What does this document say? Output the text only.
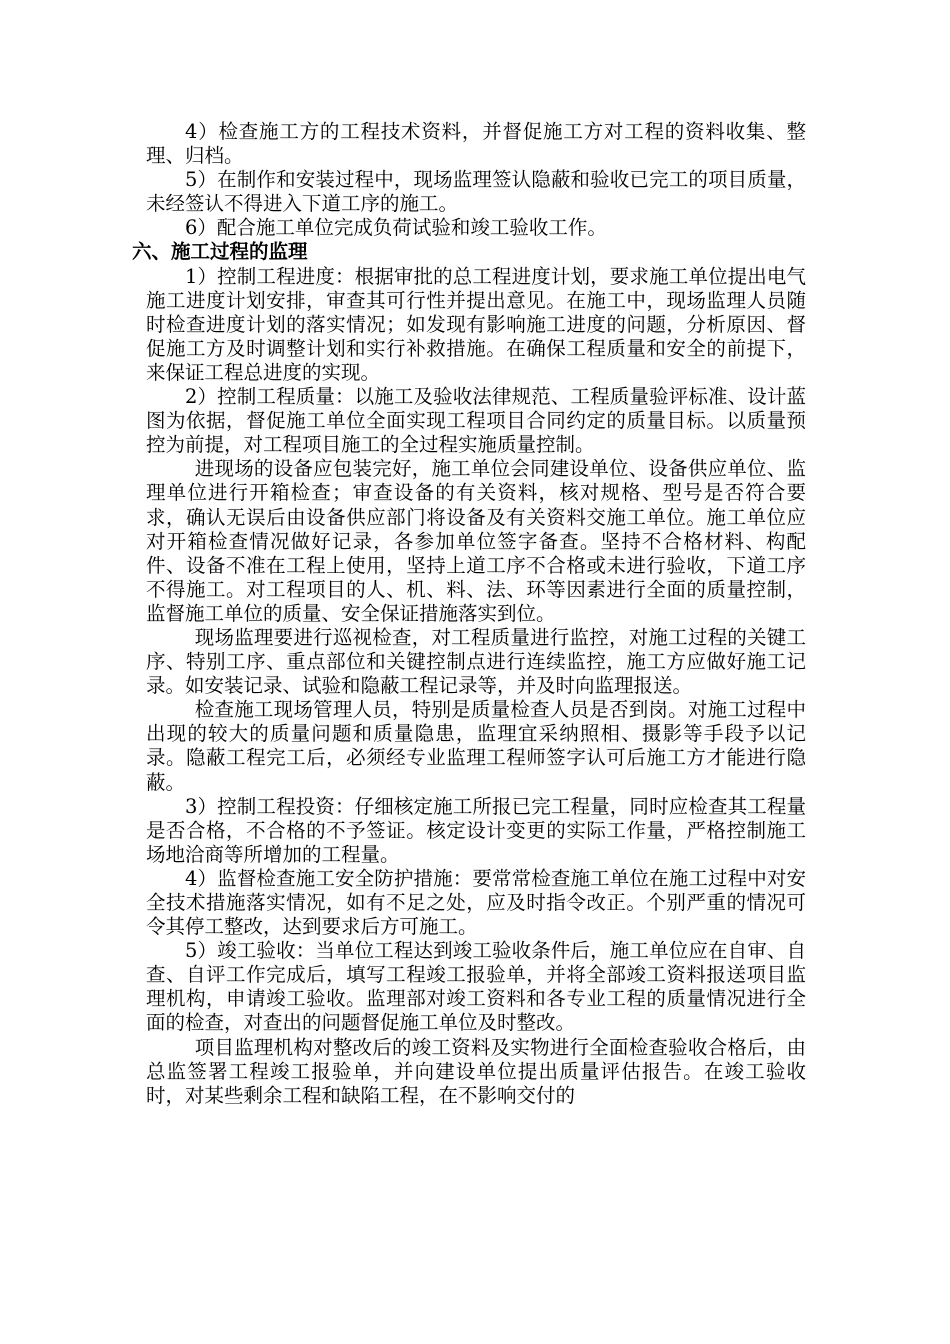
4）检查施工方的工程技术资料，并督促施工方对工程的资料收集、整理、归档。

5）在制作和安装过程中，现场监理签认隐蔽和验收已完工的项目质量，未经签认不得进入下道工序的施工。

6）配合施工单位完成负荷试验和竣工验收工作。

六、施工过程的监理

1）控制工程进度：根据审批的总工程进度计划，要求施工单位提出电气施工进度计划安排，审查其可行性并提出意见。在施工中，现场监理人员随时检查进度计划的落实情况；如发现有影响施工进度的问题，分析原因、督促施工方及时调整计划和实行补救措施。在确保工程质量和安全的前提下，来保证工程总进度的实现。

2）控制工程质量：以施工及验收法律规范、工程质量验评标准、设计蓝图为依据，督促施工单位全面实现工程项目合同约定的质量目标。以质量预控为前提，对工程项目施工的全过程实施质量控制。

进现场的设备应包装完好，施工单位会同建设单位、设备供应单位、监理单位进行开箱检查；审查设备的有关资料，核对规格、型号是否符合要求，确认无误后由设备供应部门将设备及有关资料交施工单位。施工单位应对开箱检查情况做好记录，各参加单位签字备查。坚持不合格材料、构配件、设备不准在工程上使用，坚持上道工序不合格或未进行验收，下道工序不得施工。对工程项目的人、机、料、法、环等因素进行全面的质量控制，监督施工单位的质量、安全保证措施落实到位。

现场监理要进行巡视检查，对工程质量进行监控，对施工过程的关键工序、特别工序、重点部位和关键控制点进行连续监控，施工方应做好施工记录。如安装记录、试验和隐蔽工程记录等，并及时向监理报送。

检查施工现场管理人员，特别是质量检查人员是否到岗。对施工过程中出现的较大的质量问题和质量隐患，监理宜采纳照相、摄影等手段予以记录。隐蔽工程完工后，必须经专业监理工程师签字认可后施工方才能进行隐蔽。

3）控制工程投资：仔细核定施工所报已完工程量，同时应检查其工程量是否合格，不合格的不予签证。核定设计变更的实际工作量，严格控制施工场地洽商等所增加的工程量。

4）监督检查施工安全防护措施：要常常检查施工单位在施工过程中对安全技术措施落实情况，如有不足之处，应及时指令改正。个别严重的情况可令其停工整改，达到要求后方可施工。

5）竣工验收：当单位工程达到竣工验收条件后，施工单位应在自审、自查、自评工作完成后，填写工程竣工报验单，并将全部竣工资料报送项目监理机构，申请竣工验收。监理部对竣工资料和各专业工程的质量情况进行全面的检查，对查出的问题督促施工单位及时整改。

项目监理机构对整改后的竣工资料及实物进行全面检查验收合格后，由总监签署工程竣工报验单，并向建设单位提出质量评估报告。在竣工验收时，对某些剩余工程和缺陷工程，在不影响交付的
